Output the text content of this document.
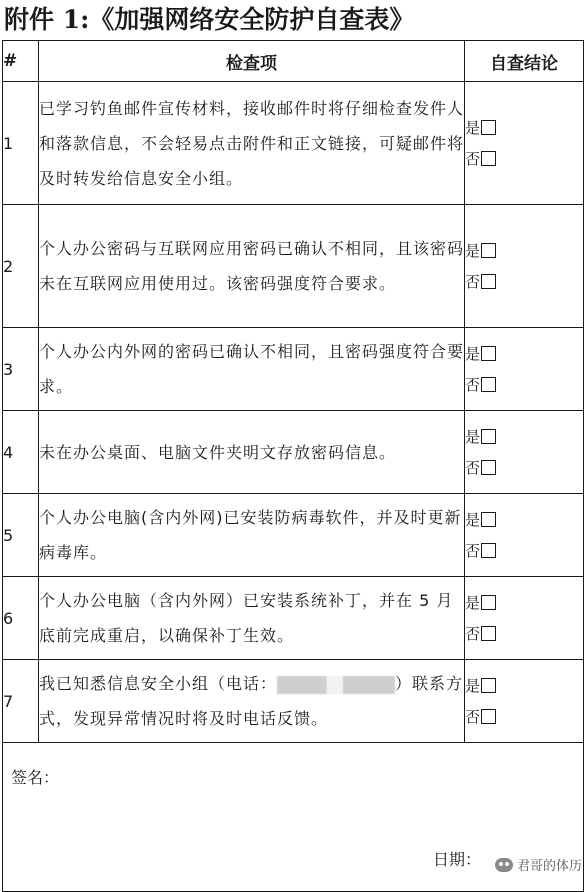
附件 1:《加强网络安全防护自查表》
#	检查项	自查结论
1	已学习钓鱼邮件宣传材料，接收邮件时将仔细检查发件人和落款信息，不会轻易点击附件和正文链接，可疑邮件将及时转发给信息安全小组。	是
否

2	个人办公密码与互联网应用密码已确认不相同，且该密码未在互联网应用使用过。该密码强度符合要求。	是
否

3	个人办公内外网的密码已确认不相同，且密码强度符合要求。	是
否

4	未在办公桌面、电脑文件夹明文存放密码信息。	是
否

5	个人办公电脑(含内外网)已安装防病毒软件，并及时更新病毒库。	是
否

6	个人办公电脑（含内外网）已安装系统补丁，并在 5 月底前完成重启，以确保补丁生效。	是
否

7	我已知悉信息安全小组（电话： ）联系方式，发现异常情况时将及时电话反馈。	是
否

签名：
日期：			君哥的体历
